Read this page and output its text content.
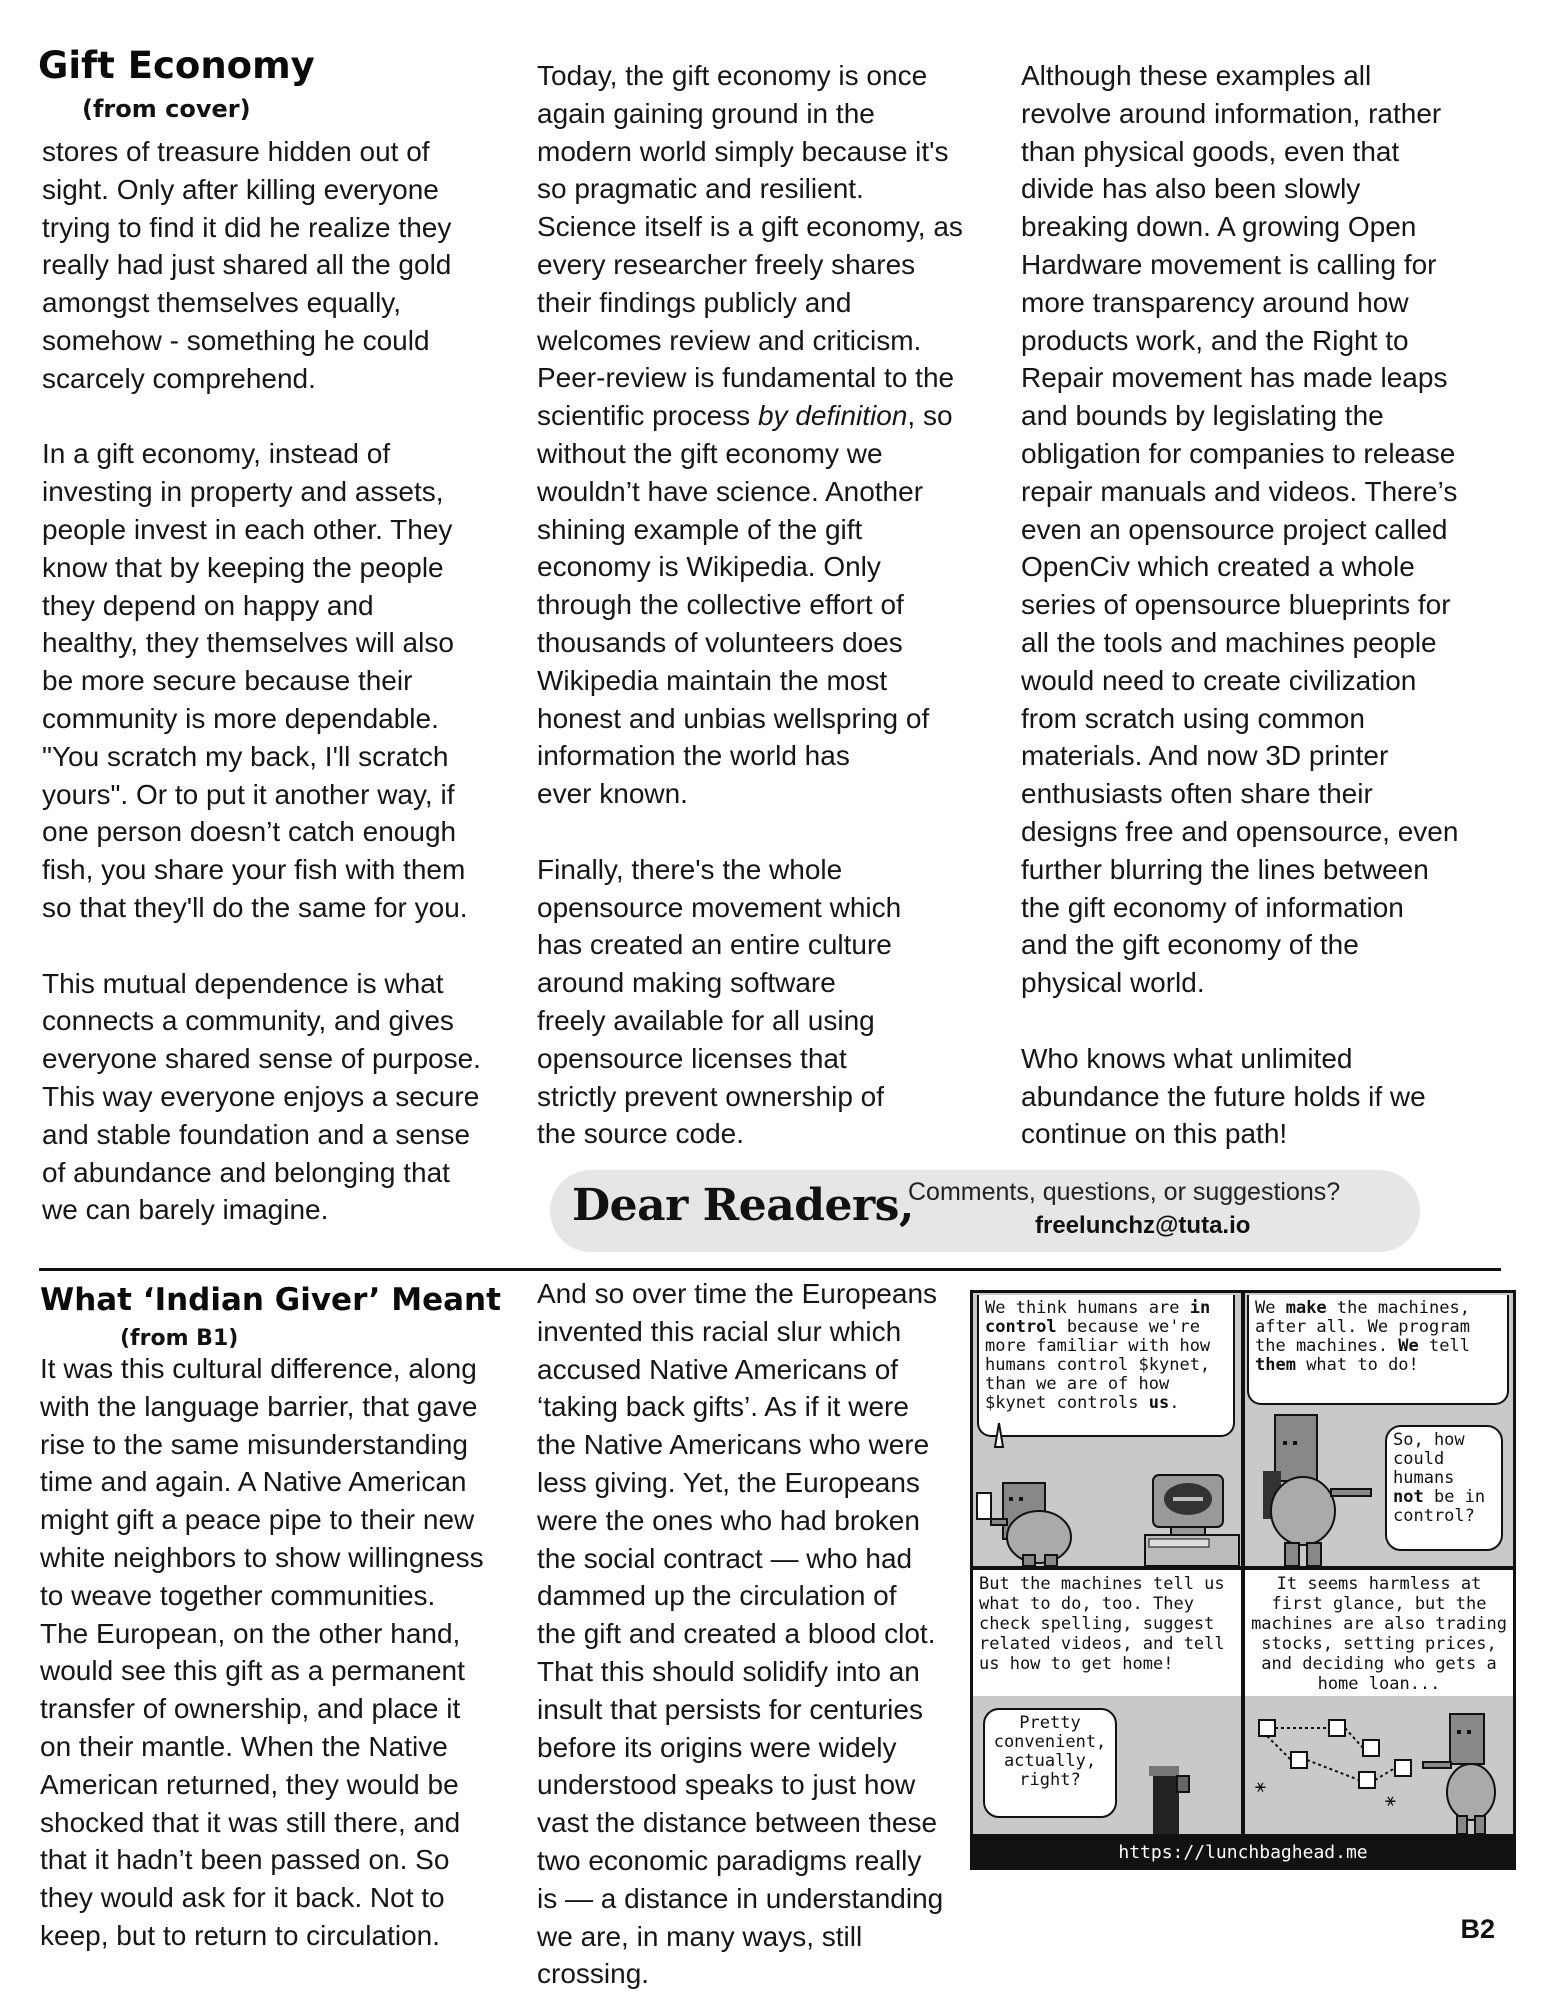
Gift Economy
(from cover)

stores of treasure hidden out of
sight. Only after killing everyone
trying to find it did he realize they
really had just shared all the gold
amongst themselves equally,
somehow - something he could
scarcely comprehend.

In a gift economy, instead of
investing in property and assets,
people invest in each other. They
know that by keeping the people
they depend on happy and
healthy, they themselves will also
be more secure because their
community is more dependable.
"You scratch my back, I'll scratch
yours". Or to put it another way, if
one person doesn’t catch enough
fish, you share your fish with them
so that they'll do the same for you.

This mutual dependence is what
connects a community, and gives
everyone shared sense of purpose.
This way everyone enjoys a secure
and stable foundation and a sense
of abundance and belonging that
we can barely imagine.

Today, the gift economy is once
again gaining ground in the
modern world simply because it's
so pragmatic and resilient.
Science itself is a gift economy, as
every researcher freely shares
their findings publicly and
welcomes review and criticism.
Peer-review is fundamental to the
scientific process by definition, so
without the gift economy we
wouldn’t have science. Another
shining example of the gift
economy is Wikipedia. Only
through the collective effort of
thousands of volunteers does
Wikipedia maintain the most
honest and unbias wellspring of
information the world has
ever known.

Finally, there's the whole
opensource movement which
has created an entire culture
around making software
freely available for all using
opensource licenses that
strictly prevent ownership of
the source code.

Although these examples all
revolve around information, rather
than physical goods, even that
divide has also been slowly
breaking down. A growing Open
Hardware movement is calling for
more transparency around how
products work, and the Right to
Repair movement has made leaps
and bounds by legislating the
obligation for companies to release
repair manuals and videos. There’s
even an opensource project called
OpenCiv which created a whole
series of opensource blueprints for
all the tools and machines people
would need to create civilization
from scratch using common
materials. And now 3D printer
enthusiasts often share their
designs free and opensource, even
further blurring the lines between
the gift economy of information
and the gift economy of the
physical world.

Who knows what unlimited
abundance the future holds if we
continue on this path!

Dear Readers,
Comments, questions, or suggestions?
freelunchz@tuta.io
What ‘Indian Giver’ Meant
(from B1)

It was this cultural difference, along
with the language barrier, that gave
rise to the same misunderstanding
time and again. A Native American
might gift a peace pipe to their new
white neighbors to show willingness
to weave together communities.
The European, on the other hand,
would see this gift as a permanent
transfer of ownership, and place it
on their mantle. When the Native
American returned, they would be
shocked that it was still there, and
that it hadn’t been passed on. So
they would ask for it back. Not to
keep, but to return to circulation.

And so over time the Europeans
invented this racial slur which
accused Native Americans of
‘taking back gifts’. As if it were
the Native Americans who were
less giving. Yet, the Europeans
were the ones who had broken
the social contract — who had
dammed up the circulation of
the gift and created a blood clot.
That this should solidify into an
insult that persists for centuries
before its origins were widely
understood speaks to just how
vast the distance between these
two economic paradigms really
is — a distance in understanding
we are, in many ways, still crossing.

We think humans are in control because we're more familiar with how humans control $kynet, than we are of how $kynet controls us.
We make the machines, after all. We program the machines. We tell them what to do!
So, how could humans not be in control?
But the machines tell us what to do, too. They check spelling, suggest related videos, and tell us how to get home!
Pretty convenient, actually, right?
It seems harmless at first glance, but the machines are also trading stocks, setting prices, and deciding who gets a home loan...
⚹
⚹
https://lunchbaghead.me
B2
